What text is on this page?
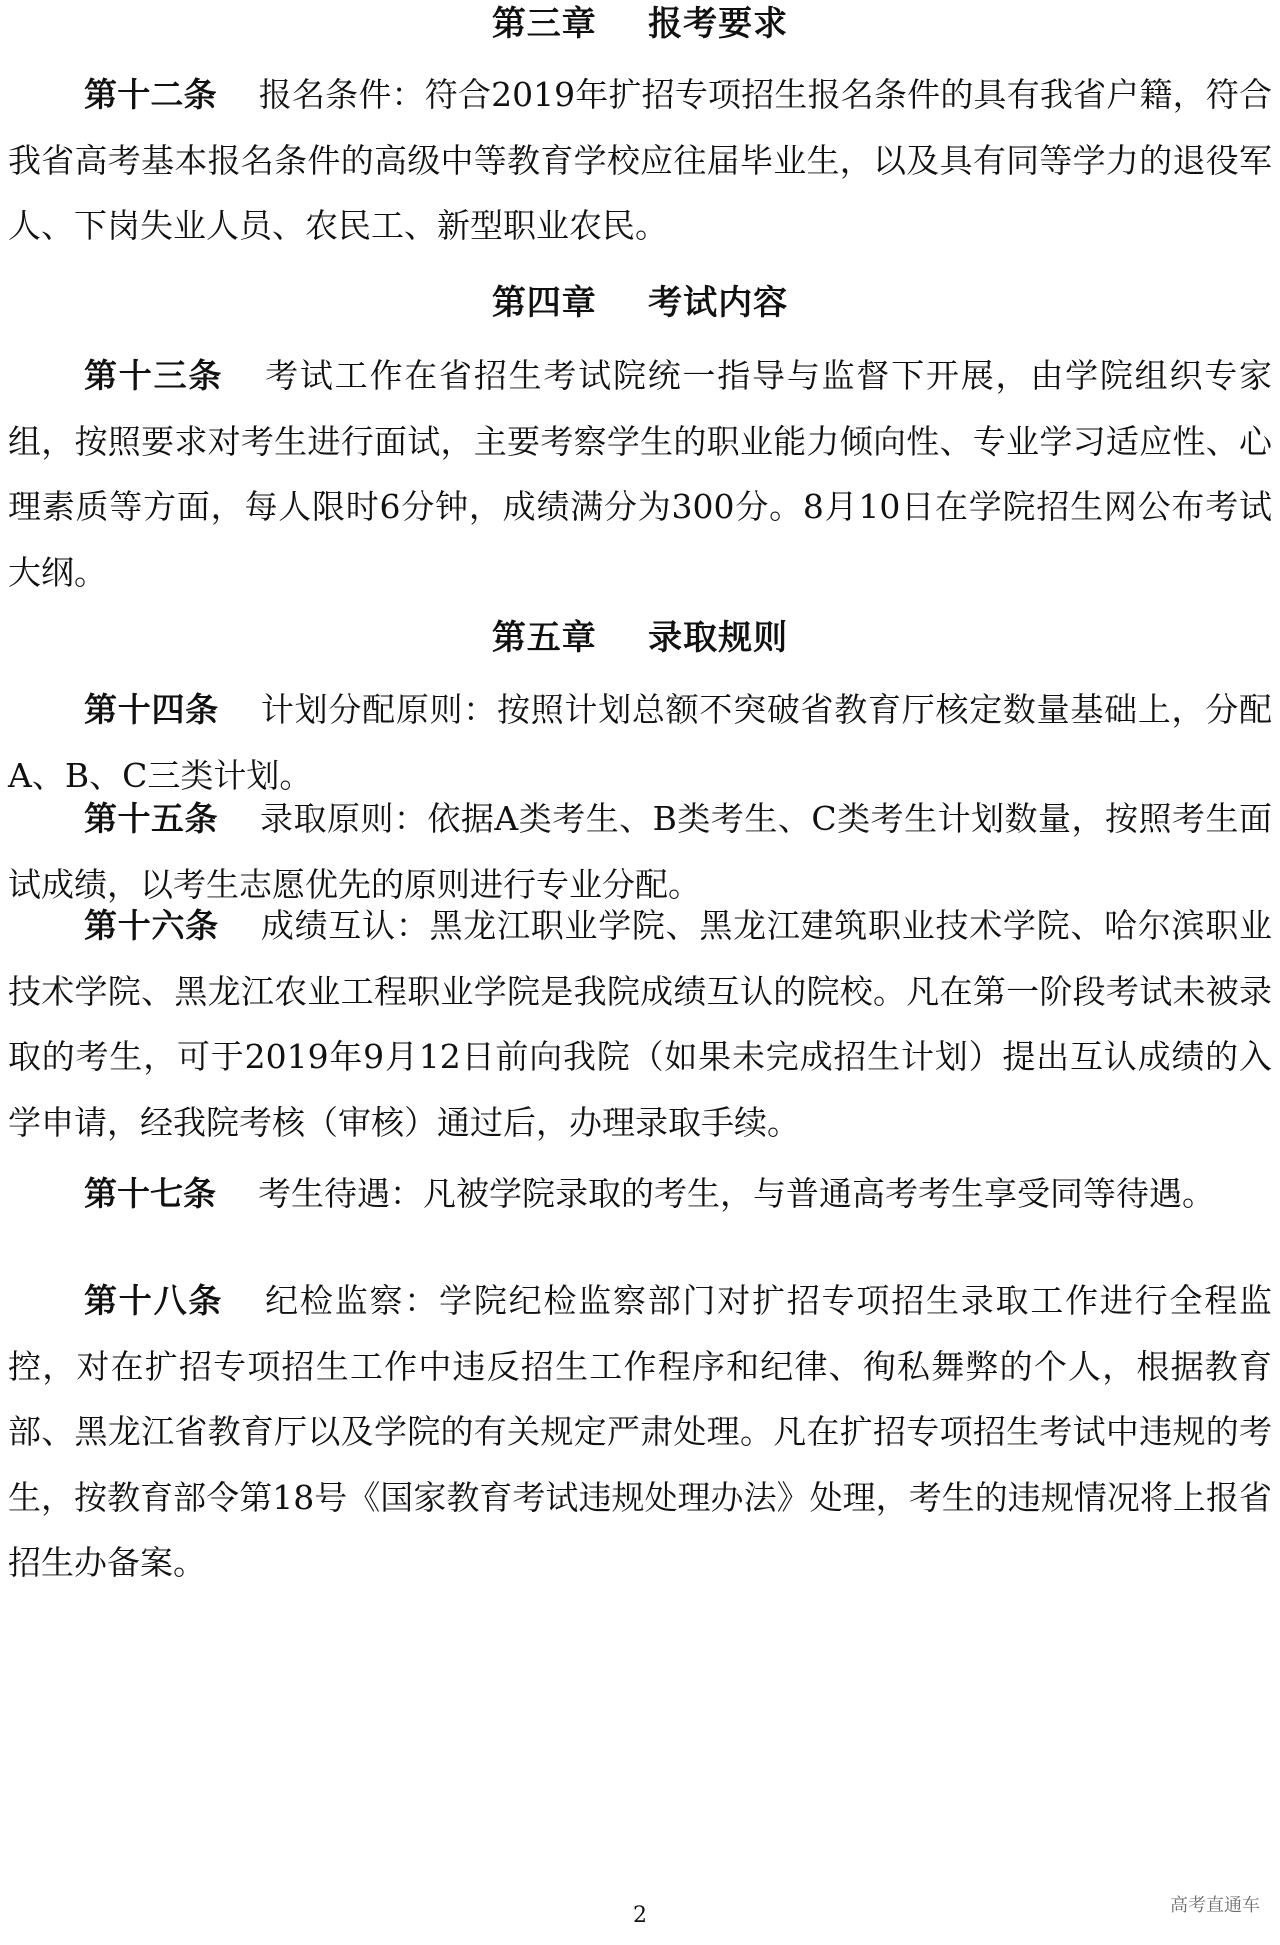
第三章    报考要求
第十二条 报名条件：符合2019年扩招专项招生报名条件的具有我省户籍，符合我省高考基本报名条件的高级中等教育学校应往届毕业生，以及具有同等学力的退役军人、下岗失业人员、农民工、新型职业农民。
第四章    考试内容
第十三条 考试工作在省招生考试院统一指导与监督下开展，由学院组织专家组，按照要求对考生进行面试，主要考察学生的职业能力倾向性、专业学习适应性、心理素质等方面，每人限时6分钟，成绩满分为300分。8月10日在学院招生网公布考试大纲。
第五章    录取规则
第十四条 计划分配原则：按照计划总额不突破省教育厅核定数量基础上，分配A、B、C三类计划。
第十五条 录取原则：依据A类考生、B类考生、C类考生计划数量，按照考生面试成绩，以考生志愿优先的原则进行专业分配。
第十六条 成绩互认：黑龙江职业学院、黑龙江建筑职业技术学院、哈尔滨职业技术学院、黑龙江农业工程职业学院是我院成绩互认的院校。凡在第一阶段考试未被录取的考生，可于2019年9月12日前向我院（如果未完成招生计划）提出互认成绩的入学申请，经我院考核（审核）通过后，办理录取手续。
第十七条 考生待遇：凡被学院录取的考生，与普通高考考生享受同等待遇。
第十八条 纪检监察：学院纪检监察部门对扩招专项招生录取工作进行全程监控，对在扩招专项招生工作中违反招生工作程序和纪律、徇私舞弊的个人，根据教育部、黑龙江省教育厅以及学院的有关规定严肃处理。凡在扩招专项招生考试中违规的考生，按教育部令第18号《国家教育考试违规处理办法》处理，考生的违规情况将上报省招生办备案。
2	高考直通车
